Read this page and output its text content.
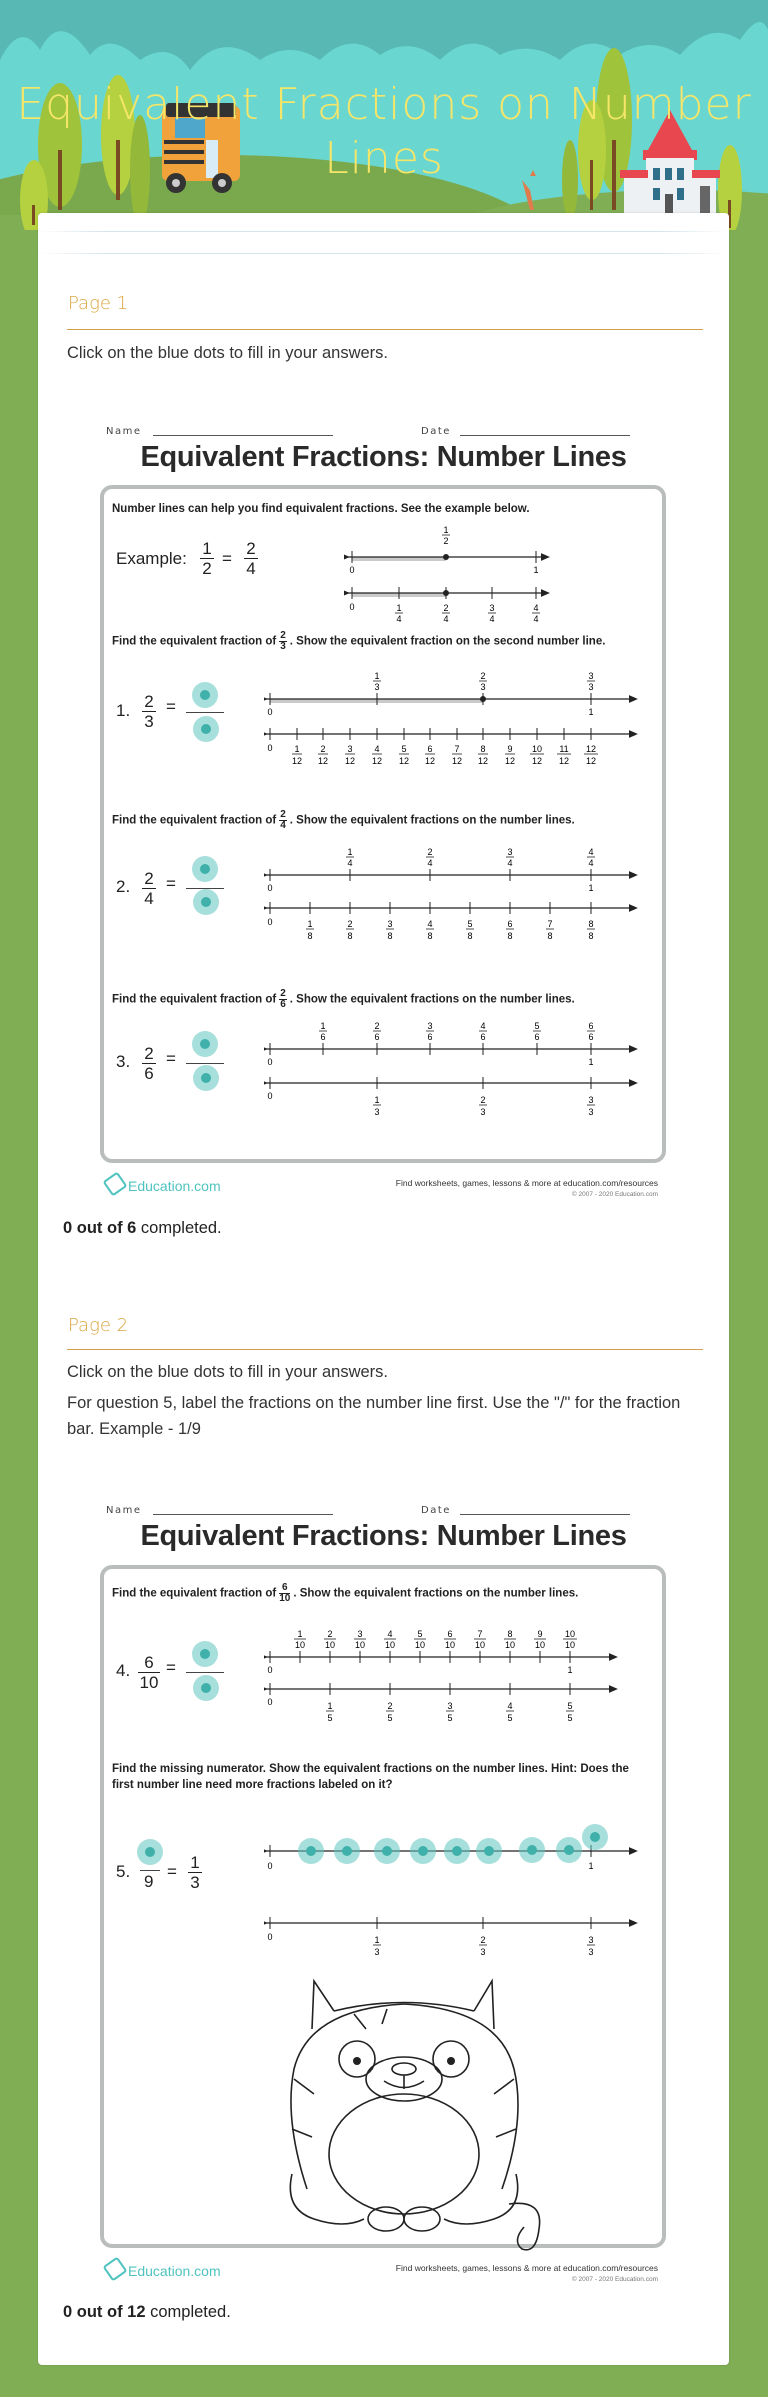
Equivalent Fractions on Number Lines
Page 1
Click on the blue dots to fill in your answers.
Name	Date
Equivalent Fractions: Number Lines
Number lines can help you find equivalent fractions. See the example below.
Example:
1
2
=
2
4
1
2
0	1
0	1
4
2
4
3
4
4
4
Find the equivalent fraction of $\frac{2}{3}$ . Show the equivalent fraction on the second number line.
1. 2
3
=
1
3
2
3
3
3
0	1
0 1 2 3 4 5 6 7 8 9 10 11 12
12 12 12 12 12 12 12 12 12 12 12 12
Find the equivalent fraction of $\frac{2}{4}$ . Show the equivalent fractions on the number lines.
2. 2
4
=
1
4
2
4
3
4
4
4
0	1
0	1	2	3	4	5	6	7	8
8	8	8	8	8	8	8	8
Find the equivalent fraction of $\frac{2}{6}$ . Show the equivalent fractions on the number lines.
3. 2
6
=
1	2	3	4	5	6
6	6	6	6	6	6
0	1
0	1	2	3
3	3	3
Education.com	Find worksheets, games, lessons & more at education.com/resources
© 2007 - 2020 Education.com
0 out of 6 completed.
Page 2
Click on the blue dots to fill in your answers.
For question 5, label the fractions on the number line first. Use the "/" for the fraction bar. Example - 1/9
Name	Date
Equivalent Fractions: Number Lines
Find the equivalent fraction of $\frac{6}{10}$ . Show the equivalent fractions on the number lines.
4. 6
10
=
1	2	3	4	5	6	7	8	9 10
10 10 10 10 10 10 10 10 10 10
0	1
0	1	2	3	4	5
5	5	5	5	5
Find the missing numerator. Show the equivalent fractions on the number lines. Hint: Does the
first number line need more fractions labeled on it?
5.
9
= 1
3
0	1
0	1	2	3
3	3	3
Education.com	Find worksheets, games, lessons & more at education.com/resources
© 2007 - 2020 Education.com
0 out of 12 completed.
